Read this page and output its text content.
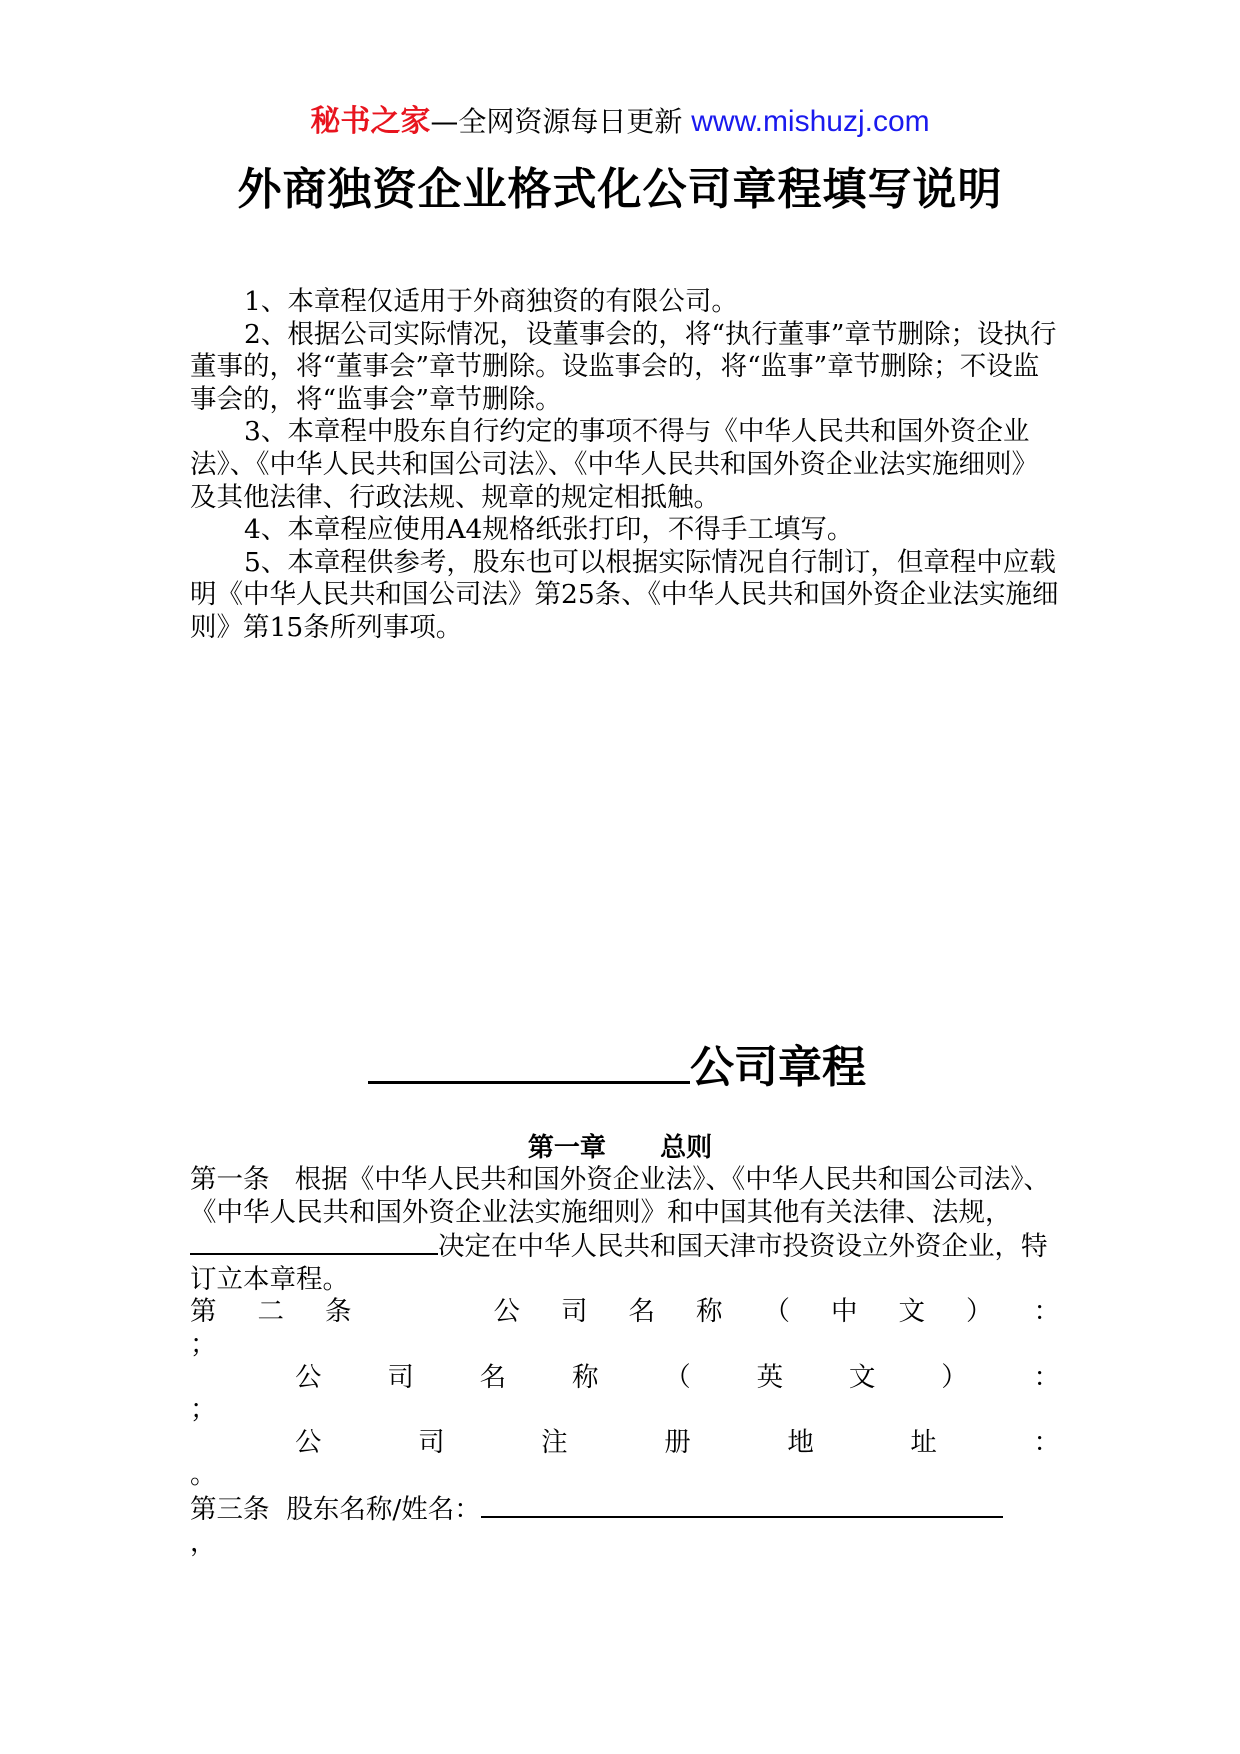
秘书之家—全网资源每日更新 www.mishuzj.com
外商独资企业格式化公司章程填写说明

1、本章程仅适用于外商独资的有限公司。

2、根据公司实际情况，设董事会的，将“执行董事”章节删除；设执行董事的，将“董事会”章节删除。设监事会的，将“监事”章节删除；不设监事会的，将“监事会”章节删除。

3、本章程中股东自行约定的事项不得与《中华人民共和国外资企业法》、《中华人民共和国公司法》、《中华人民共和国外资企业法实施细则》及其他法律、行政法规、规章的规定相抵触。

4、本章程应使用A4规格纸张打印，不得手工填写。

5、本章程供参考，股东也可以根据实际情况自行制订，但章程中应载明《中华人民共和国公司法》第25条、《中华人民共和国外资企业法实施细则》第15条所列事项。

公司章程
第一章 总则

第一条 根据《中华人民共和国外资企业法》、《中华人民共和国公司法》、《中华人民共和国外资企业法实施细则》和中国其他有关法律、法规，决定在中华人民共和国天津市投资设立外资企业，特订立本章程。

第 二 条	公 司 名 称 （ 中 文 ） ：
；
公 司 名 称 （ 英 文 ） ：
；
公	司	注	册	地	址	：
。

第三条 股东名称/姓名：

，
